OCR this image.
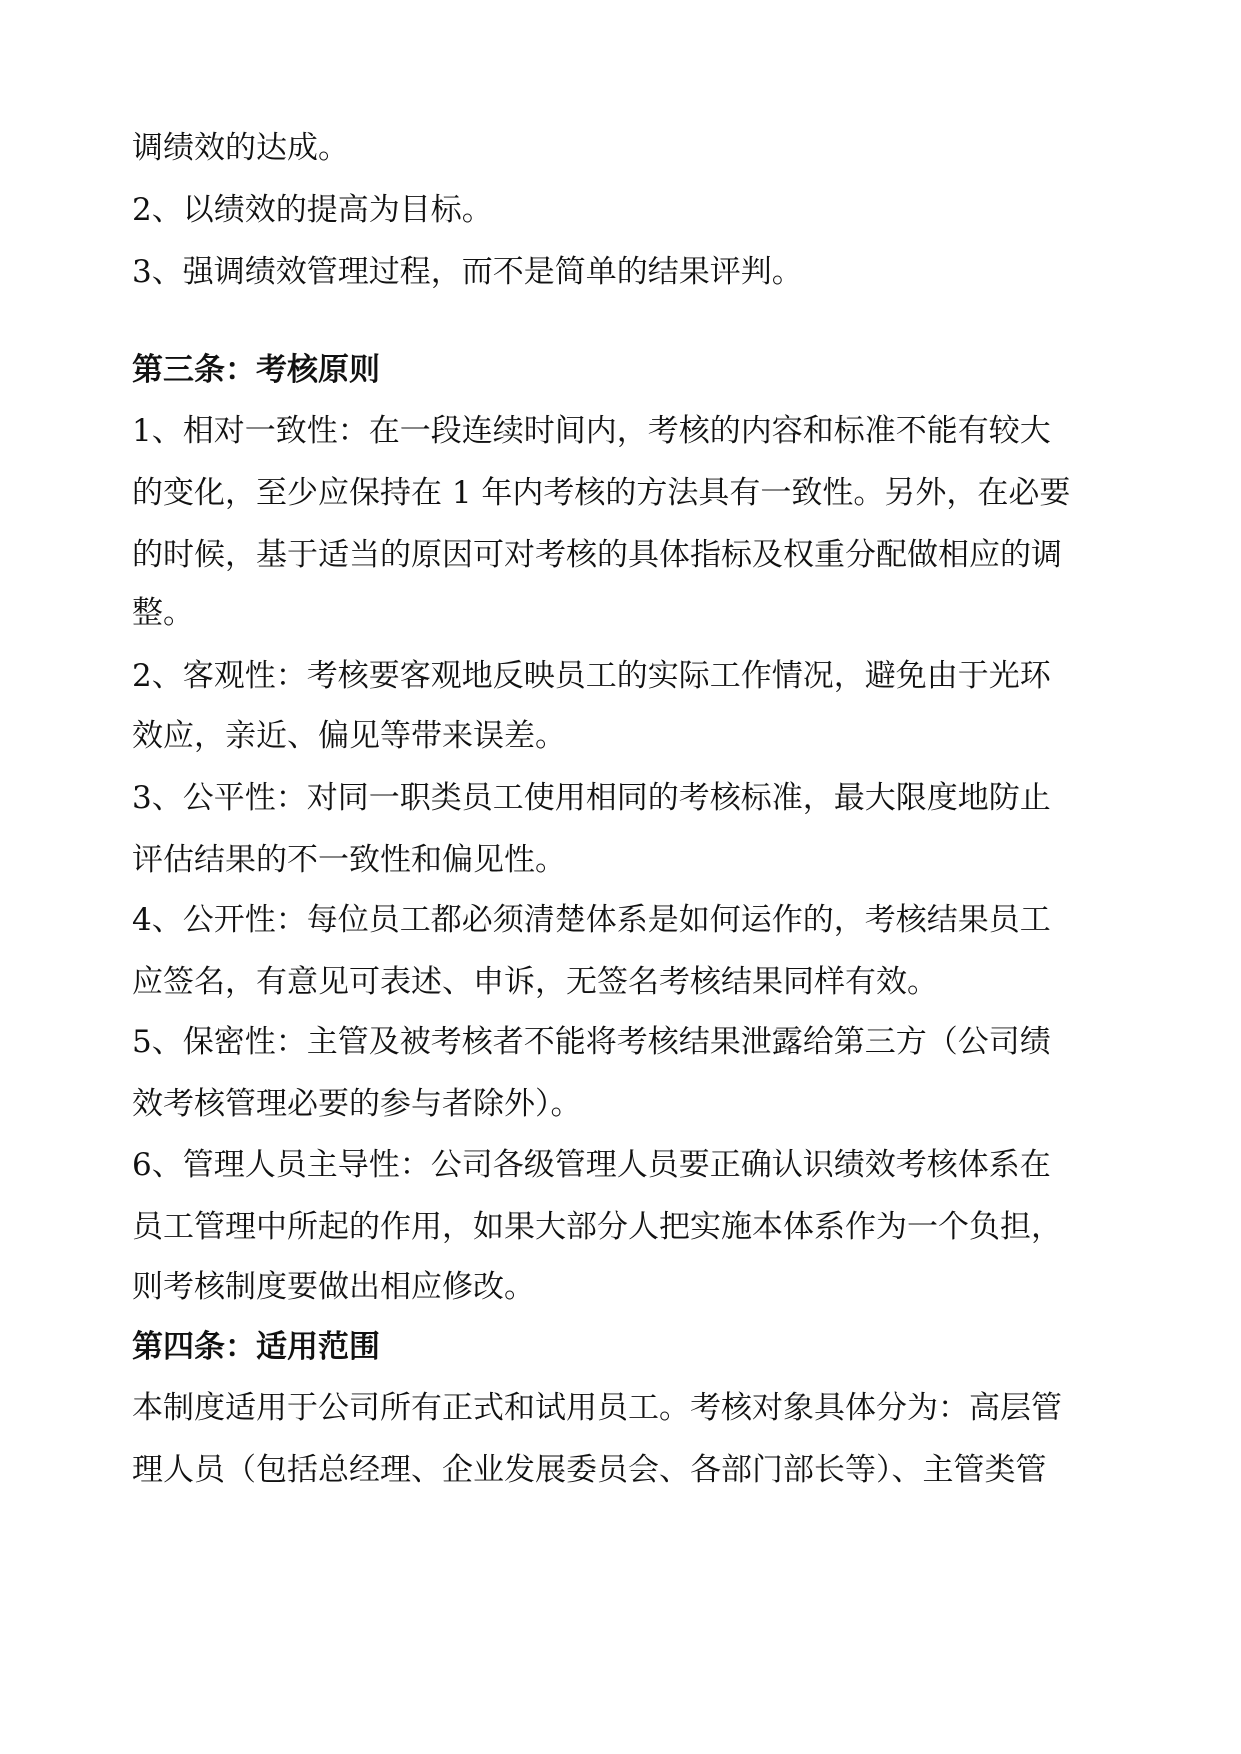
调绩效的达成。
2、以绩效的提高为目标。
3、强调绩效管理过程，而不是简单的结果评判。
第三条：考核原则
1、相对一致性：在一段连续时间内，考核的内容和标准不能有较大
的变化，至少应保持在 1 年内考核的方法具有一致性。另外，在必要
的时候，基于适当的原因可对考核的具体指标及权重分配做相应的调
整。
2、客观性：考核要客观地反映员工的实际工作情况，避免由于光环
效应，亲近、偏见等带来误差。
3、公平性：对同一职类员工使用相同的考核标准，最大限度地防止
评估结果的不一致性和偏见性。
4、公开性：每位员工都必须清楚体系是如何运作的，考核结果员工
应签名，有意见可表述、申诉，无签名考核结果同样有效。
5、保密性：主管及被考核者不能将考核结果泄露给第三方（公司绩
效考核管理必要的参与者除外）。
6、管理人员主导性：公司各级管理人员要正确认识绩效考核体系在
员工管理中所起的作用，如果大部分人把实施本体系作为一个负担，
则考核制度要做出相应修改。
第四条：适用范围
本制度适用于公司所有正式和试用员工。考核对象具体分为：高层管
理人员（包括总经理、企业发展委员会、各部门部长等）、主管类管
